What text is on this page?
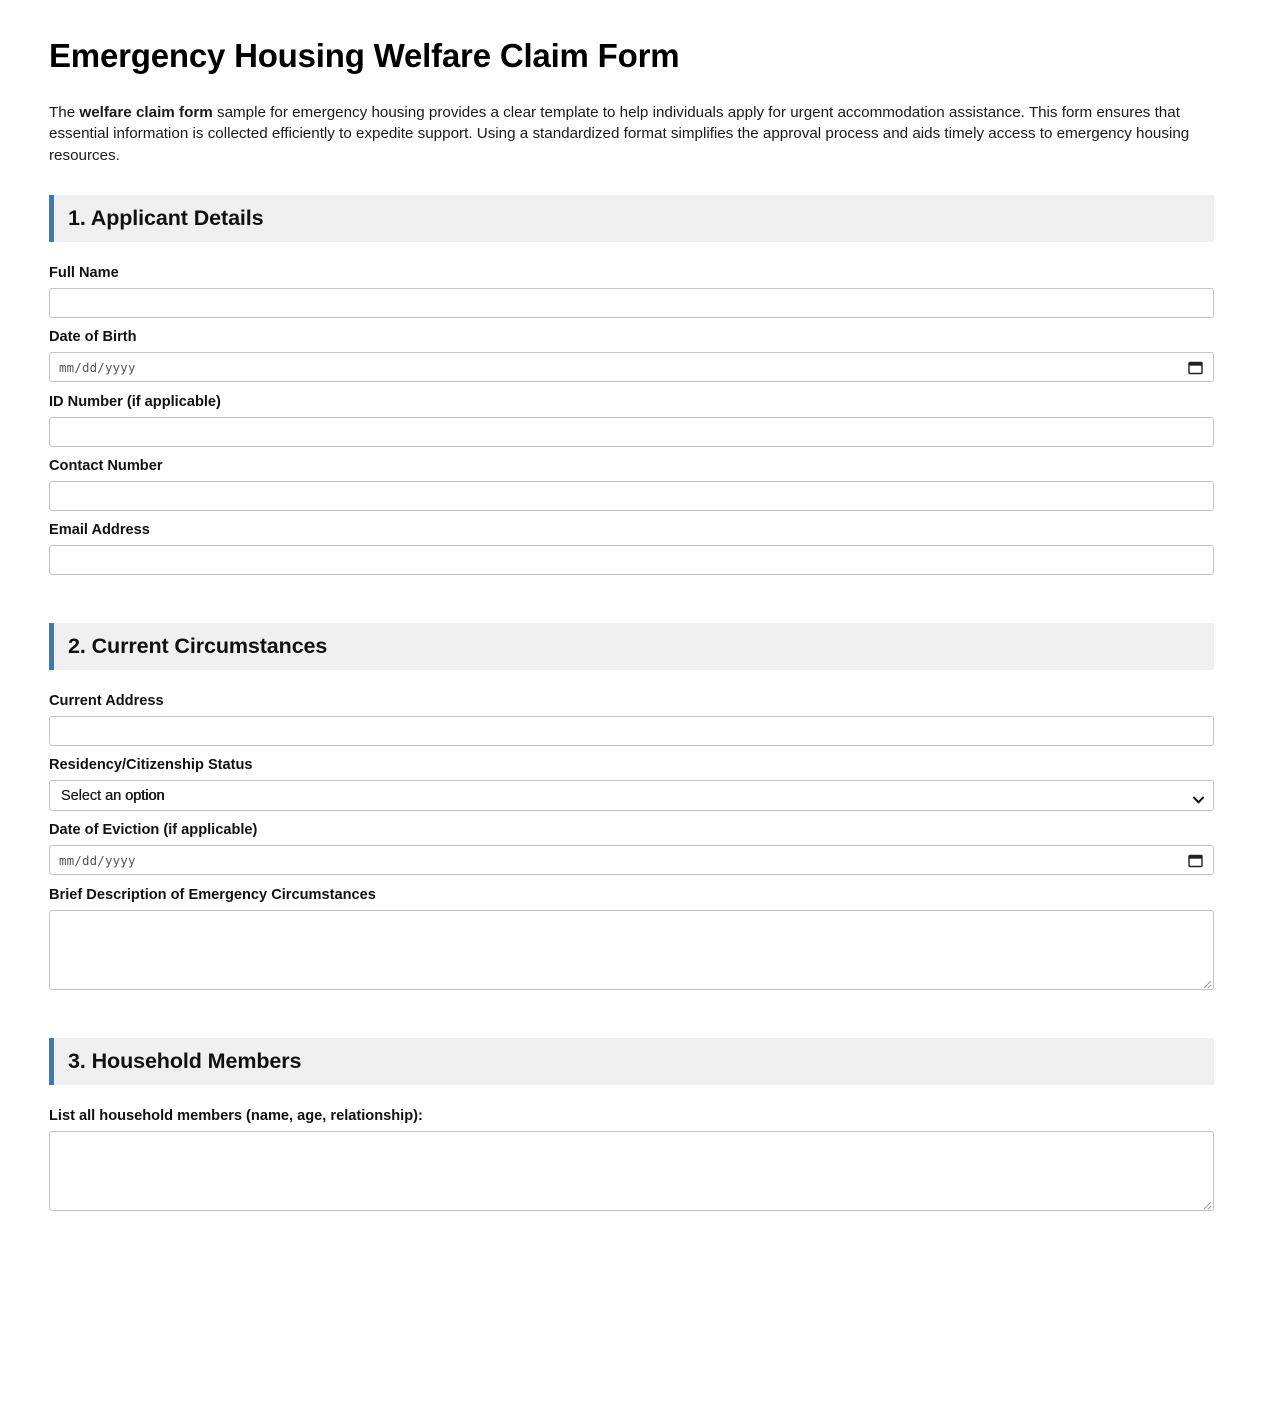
Emergency Housing Welfare Claim Form

The welfare claim form sample for emergency housing provides a clear template to help individuals apply for urgent accommodation assistance. This form ensures that essential information is collected efficiently to expedite support. Using a standardized format simplifies the approval process and aids timely access to emergency housing resources.

1. Applicant Details
Full Name
Date of Birth
mm/dd/yyyy
ID Number (if applicable)
Contact Number
Email Address
2. Current Circumstances
Current Address
Residency/Citizenship Status
Select an option
Select an option
Date of Eviction (if applicable)
mm/dd/yyyy
Brief Description of Emergency Circumstances
3. Household Members
List all household members (name, age, relationship):
